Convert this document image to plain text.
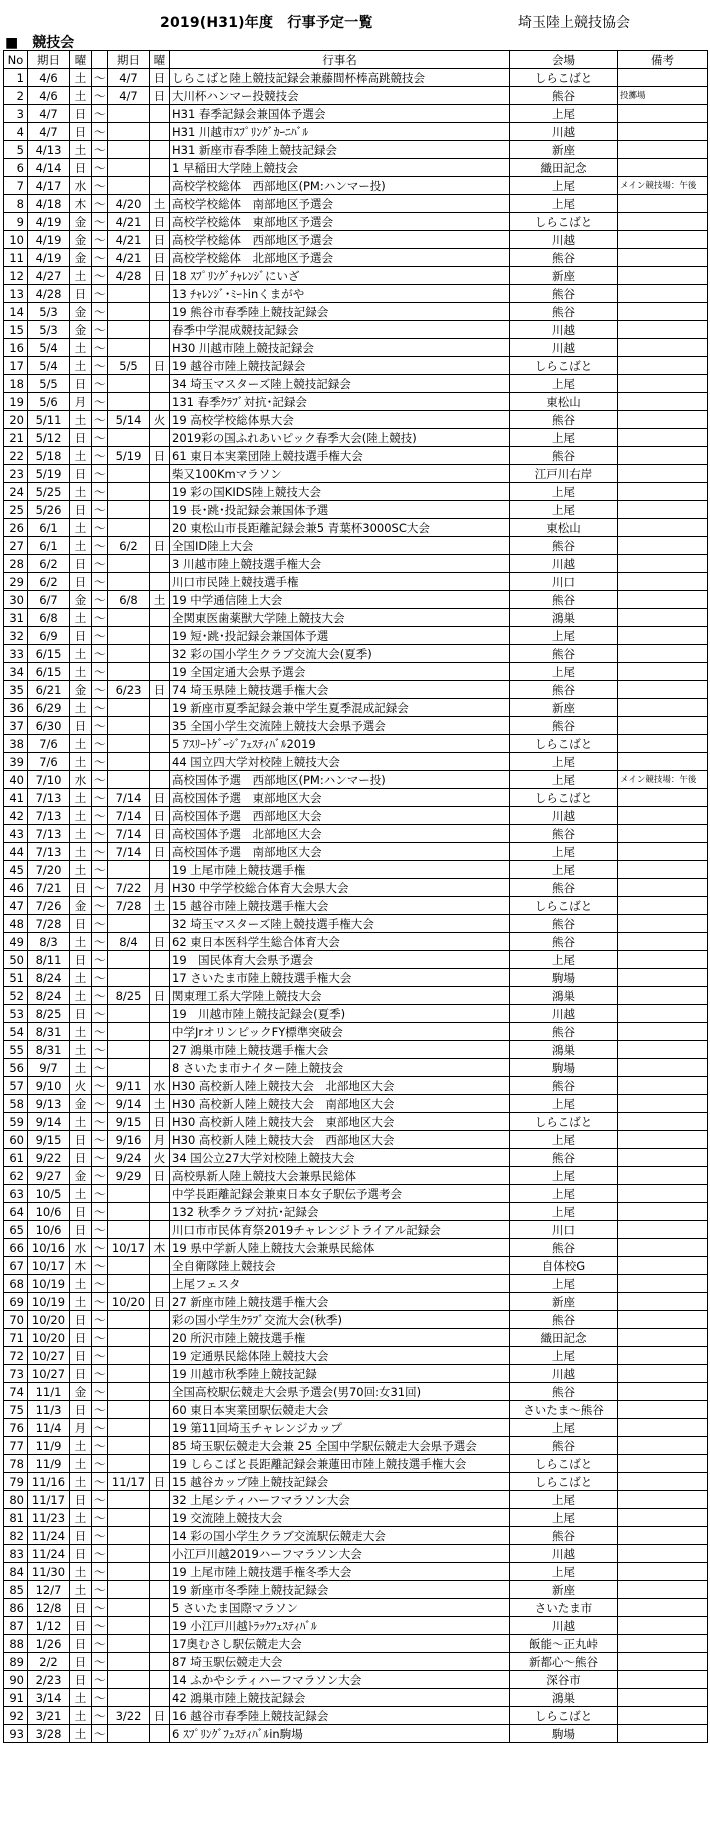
2019(H31)年度　行事予定一覧	埼玉陸上競技協会
■　競技会
No	期日	曜		期日	曜	行事名	会場	備考
1	4/6	土	～	4/7	日	しらこばと陸上競技記録会兼藤間杯棒高跳競技会	しらこばと	
2	4/6	土	～	4/7	日	大川杯ハンマー投競技会	熊谷	投擲場
3	4/7	日	～			H31 春季記録会兼国体予選会	上尾	
4	4/7	日	～			H31 川越市ｽﾌﾟﾘﾝｸﾞｶｰﾆﾊﾞﾙ	川越	
5	4/13	土	～			H31 新座市春季陸上競技記録会	新座	
6	4/14	日	～			1 早稲田大学陸上競技会	織田記念	
7	4/17	水	～			高校学校総体　西部地区(PM:ハンマー投)	上尾	メイン競技場：午後
8	4/18	木	～	4/20	土	高校学校総体　南部地区予選会	上尾	
9	4/19	金	～	4/21	日	高校学校総体　東部地区予選会	しらこばと	
10	4/19	金	～	4/21	日	高校学校総体　西部地区予選会	川越	
11	4/19	金	～	4/21	日	高校学校総体　北部地区予選会	熊谷	
12	4/27	土	～	4/28	日	18 ｽﾌﾟﾘﾝｸﾞﾁｬﾚﾝｼﾞにいざ	新座	
13	4/28	日	～			13 ﾁｬﾚﾝｼﾞ･ﾐｰﾄinくまがや	熊谷	
14	5/3	金	～			19 熊谷市春季陸上競技記録会	熊谷	
15	5/3	金	～			春季中学混成競技記録会	川越	
16	5/4	土	～			H30 川越市陸上競技記録会	川越	
17	5/4	土	～	5/5	日	19 越谷市陸上競技記録会	しらこばと	
18	5/5	日	～			34 埼玉マスターズ陸上競技記録会	上尾	
19	5/6	月	～			131 春季ｸﾗﾌﾞ対抗･記録会	東松山	
20	5/11	土	～	5/14	火	19 高校学校総体県大会	熊谷	
21	5/12	日	～			2019彩の国ふれあいピック春季大会(陸上競技)	上尾	
22	5/18	土	～	5/19	日	61 東日本実業団陸上競技選手権大会	熊谷	
23	5/19	日	～			柴又100Kmマラソン	江戸川右岸	
24	5/25	土	～			19 彩の国KIDS陸上競技大会	上尾	
25	5/26	日	～			19 長･跳･投記録会兼国体予選	上尾	
26	6/1	土	～			20 東松山市長距離記録会兼5 青葉杯3000SC大会	東松山	
27	6/1	土	～	6/2	日	全国ID陸上大会	熊谷	
28	6/2	日	～			3 川越市陸上競技選手権大会	川越	
29	6/2	日	～			川口市民陸上競技選手権	川口	
30	6/7	金	～	6/8	土	19 中学通信陸上大会	熊谷	
31	6/8	土	～			全関東医歯薬獣大学陸上競技大会	鴻巣	
32	6/9	日	～			19 短･跳･投記録会兼国体予選	上尾	
33	6/15	土	～			32 彩の国小学生クラブ交流大会(夏季)	熊谷	
34	6/15	土	～			19 全国定通大会県予選会	上尾	
35	6/21	金	～	6/23	日	74 埼玉県陸上競技選手権大会	熊谷	
36	6/29	土	～			19 新座市夏季記録会兼中学生夏季混成記録会	新座	
37	6/30	日	～			35 全国小学生交流陸上競技大会県予選会	熊谷	
38	7/6	土	～			5 ｱｽﾘｰﾄｹﾞｰｼﾞﾌｪｽﾃｨﾊﾞﾙ2019	しらこばと	
39	7/6	土	～			44 国立四大学対校陸上競技大会	上尾	
40	7/10	水	～			高校国体予選　西部地区(PM:ハンマー投)	上尾	メイン競技場：午後
41	7/13	土	～	7/14	日	高校国体予選　東部地区大会	しらこばと	
42	7/13	土	～	7/14	日	高校国体予選　西部地区大会	川越	
43	7/13	土	～	7/14	日	高校国体予選　北部地区大会	熊谷	
44	7/13	土	～	7/14	日	高校国体予選　南部地区大会	上尾	
45	7/20	土	～			19 上尾市陸上競技選手権	上尾	
46	7/21	日	～	7/22	月	H30 中学学校総合体育大会県大会	熊谷	
47	7/26	金	～	7/28	土	15 越谷市陸上競技選手権大会	しらこばと	
48	7/28	日	～			32 埼玉マスターズ陸上競技選手権大会	熊谷	
49	8/3	土	～	8/4	日	62 東日本医科学生総合体育大会	熊谷	
50	8/11	日	～			19　国民体育大会県予選会	上尾	
51	8/24	土	～			17 さいたま市陸上競技選手権大会	駒場	
52	8/24	土	～	8/25	日	関東理工系大学陸上競技大会	鴻巣	
53	8/25	日	～			19　川越市陸上競技記録会(夏季)	川越	
54	8/31	土	～			中学JrオリンピックFY標準突破会	熊谷	
55	8/31	土	～			27 鴻巣市陸上競技選手権大会	鴻巣	
56	9/7	土	～			8 さいたま市ナイター陸上競技会	駒場	
57	9/10	火	～	9/11	水	H30 高校新人陸上競技大会　北部地区大会	熊谷	
58	9/13	金	～	9/14	土	H30 高校新人陸上競技大会　南部地区大会	上尾	
59	9/14	土	～	9/15	日	H30 高校新人陸上競技大会　東部地区大会	しらこばと	
60	9/15	日	～	9/16	月	H30 高校新人陸上競技大会　西部地区大会	上尾	
61	9/22	日	～	9/24	火	34 国公立27大学対校陸上競技大会	熊谷	
62	9/27	金	～	9/29	日	高校県新人陸上競技大会兼県民総体	上尾	
63	10/5	土	～			中学長距離記録会兼東日本女子駅伝予選考会	上尾	
64	10/6	日	～			132 秋季クラブ対抗･記録会	上尾	
65	10/6	日	～			川口市市民体育祭2019チャレンジトライアル記録会	川口	
66	10/16	水	～	10/17	木	19 県中学新人陸上競技大会兼県民総体	熊谷	
67	10/17	木	～			全自衛隊陸上競技会	自体校G	
68	10/19	土	～			上尾フェスタ	上尾	
69	10/19	土	～	10/20	日	27 新座市陸上競技選手権大会	新座	
70	10/20	日	～			彩の国小学生ｸﾗﾌﾞ交流大会(秋季)	熊谷	
71	10/20	日	～			20 所沢市陸上競技選手権	織田記念	
72	10/27	日	～			19 定通県民総体陸上競技大会	上尾	
73	10/27	日	～			19 川越市秋季陸上競技記録	川越	
74	11/1	金	～			全国高校駅伝競走大会県予選会(男70回:女31回)	熊谷	
75	11/3	日	～			60 東日本実業団駅伝競走大会	さいたま～熊谷	
76	11/4	月	～			19 第11回埼玉チャレンジカップ	上尾	
77	11/9	土	～			85 埼玉駅伝競走大会兼 25 全国中学駅伝競走大会県予選会	熊谷	
78	11/9	土	～			19 しらこばと長距離記録会兼蓮田市陸上競技選手権大会	しらこばと	
79	11/16	土	～	11/17	日	15 越谷カップ陸上競技記録会	しらこばと	
80	11/17	日	～			32 上尾シティハーフマラソン大会	上尾	
81	11/23	土	～			19 交流陸上競技大会	上尾	
82	11/24	日	～			14 彩の国小学生クラブ交流駅伝競走大会	熊谷	
83	11/24	日	～			小江戸川越2019ハーフマラソン大会	川越	
84	11/30	土	～			19 上尾市陸上競技選手権冬季大会	上尾	
85	12/7	土	～			19 新座市冬季陸上競技記録会	新座	
86	12/8	日	～			5 さいたま国際マラソン	さいたま市	
87	1/12	日	～			19 小江戸川越ﾄﾗｯｸﾌｪｽﾃｨﾊﾞﾙ	川越	
88	1/26	日	～			17奥むさし駅伝競走大会	飯能～正丸峠	
89	2/2	日	～			87 埼玉駅伝競走大会	新都心～熊谷	
90	2/23	日	～			14 ふかやシティハーフマラソン大会	深谷市	
91	3/14	土	～			42 鴻巣市陸上競技記録会	鴻巣	
92	3/21	土	～	3/22	日	16 越谷市春季陸上競技記録会	しらこばと	
93	3/28	土	～			6 ｽﾌﾟﾘﾝｸﾞﾌｪｽﾃｨﾊﾞﾙin駒場	駒場	
